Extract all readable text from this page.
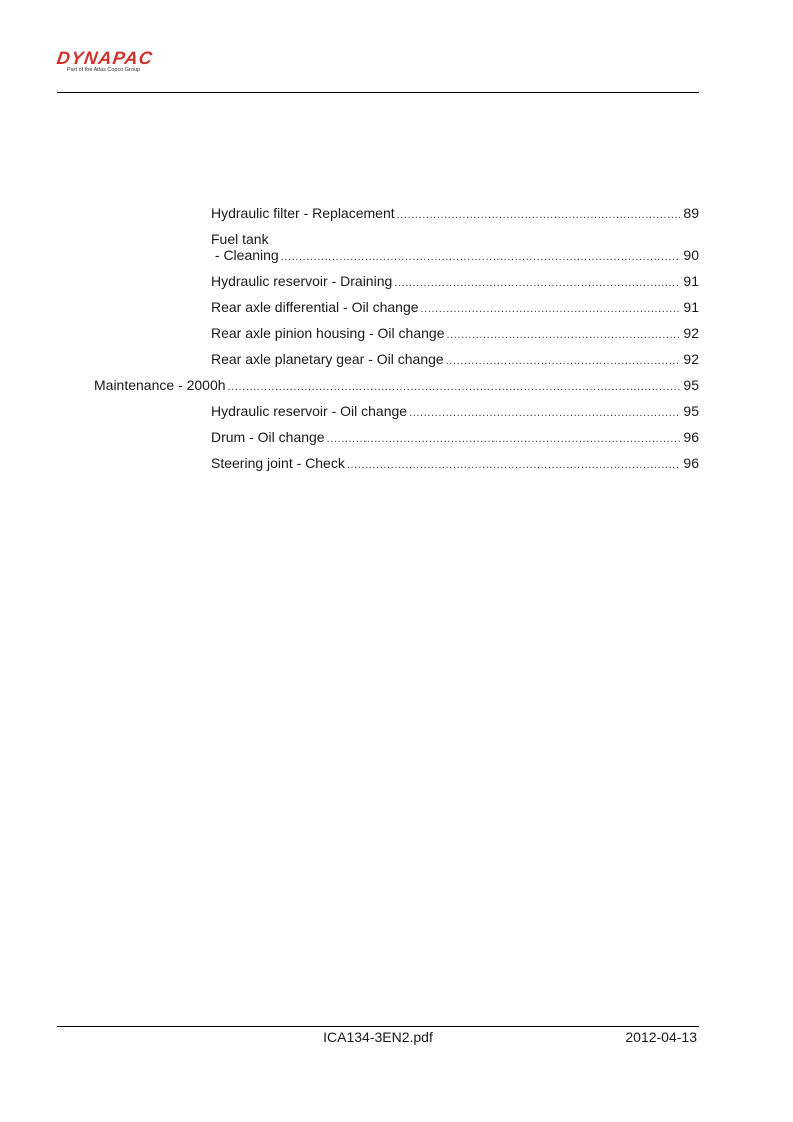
DYNAPAC
Part of the Atlas Copco Group
Hydraulic filter - Replacement .....	89
Fuel tank
- Cleaning .....	90
Hydraulic reservoir - Draining .....	91
Rear axle differential - Oil change .....	91
Rear axle pinion housing - Oil change .....	92
Rear axle planetary gear - Oil change .....	92
Maintenance - 2000h .....	95
Hydraulic reservoir - Oil change .....	95
Drum - Oil change .....	96
Steering joint - Check .....	96
ICA134-3EN2.pdf	2012-04-13
